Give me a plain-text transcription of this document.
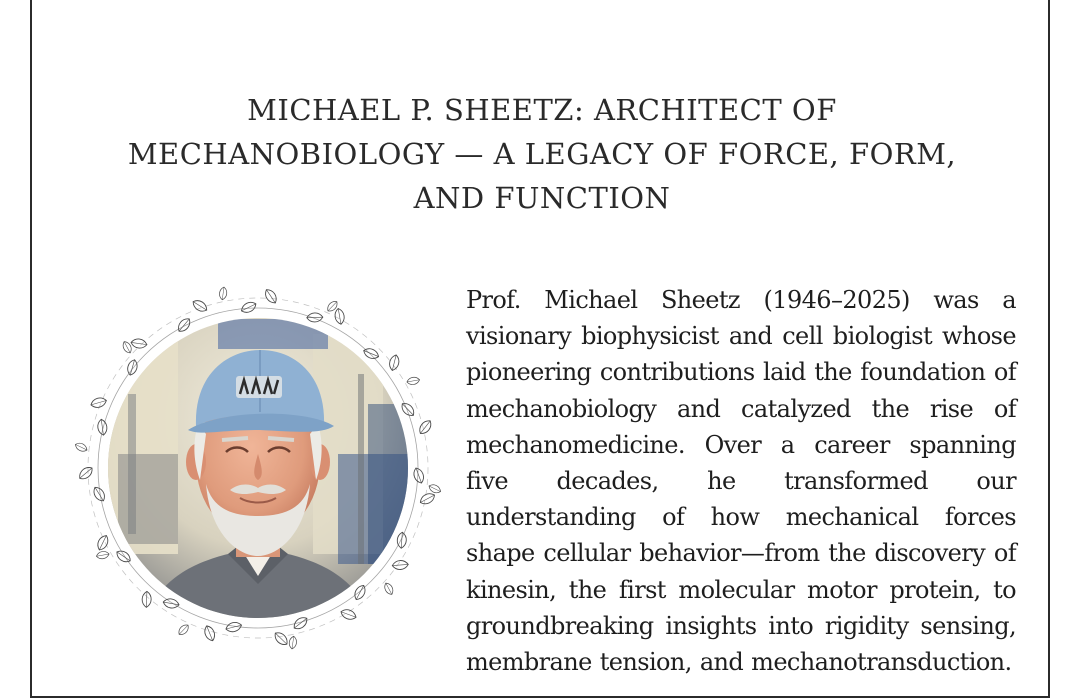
MICHAEL P. SHEETZ: ARCHITECT OF MECHANOBIOLOGY — A LEGACY OF FORCE, FORM, AND FUNCTION

Prof. Michael Sheetz (1946–2025) was a visionary biophysicist and cell biologist whose pioneering contributions laid the foundation of mechanobiology and catalyzed the rise of mechanomedicine. Over a career spanning five decades, he transformed our understanding of how mechanical forces shape cellular behavior—from the discovery of kinesin, the first molecular motor protein, to groundbreaking insights into rigidity sensing, membrane tension, and mechanotransduction.
